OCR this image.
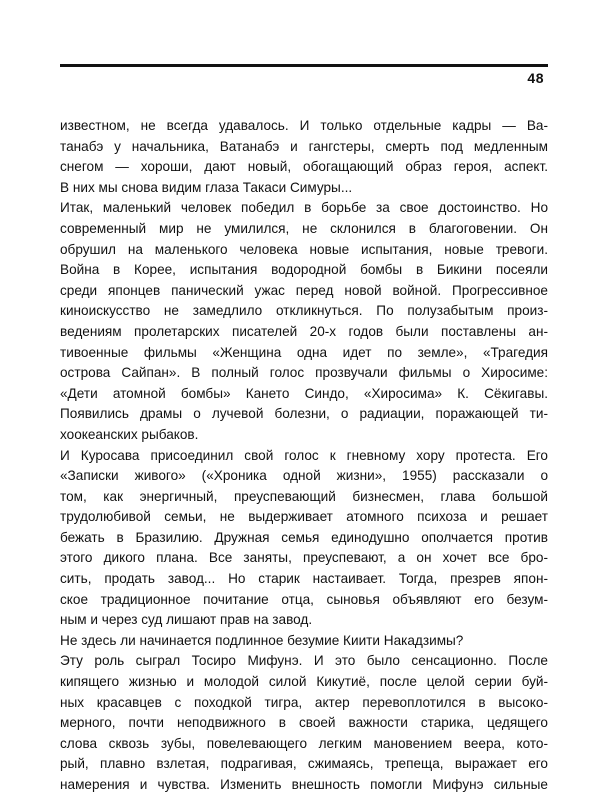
48
известном, не всегда удавалось. И только отдельные кадры — Ва-
танабэ у начальника, Ватанабэ и гангстеры, смерть под медленным
снегом — хороши, дают новый, обогащающий образ героя, аспект.
В них мы снова видим глаза Такаси Симуры...
Итак, маленький человек победил в борьбе за свое достоинство. Но
современный мир не умилился, не склонился в благоговении. Он
обрушил на маленького человека новые испытания, новые тревоги.
Война в Корее, испытания водородной бомбы в Бикини посеяли
среди японцев панический ужас перед новой войной. Прогрессивное
киноискусство не замедлило откликнуться. По полузабытым произ-
ведениям пролетарских писателей 20-х годов были поставлены ан-
тивоенные фильмы «Женщина одна идет по земле», «Трагедия
острова Сайпан». В полный голос прозвучали фильмы о Хиросиме:
«Дети атомной бомбы» Кането Синдо, «Хиросима» К. Сёкигавы.
Появились драмы о лучевой болезни, о радиации, поражающей ти-
хоокеанских рыбаков.
И Куросава присоединил свой голос к гневному хору протеста. Его
«Записки живого» («Хроника одной жизни», 1955) рассказали о
том, как энергичный, преуспевающий бизнесмен, глава большой
трудолюбивой семьи, не выдерживает атомного психоза и решает
бежать в Бразилию. Дружная семья единодушно ополчается против
этого дикого плана. Все заняты, преуспевают, а он хочет все бро-
сить, продать завод... Но старик настаивает. Тогда, презрев япон-
ское традиционное почитание отца, сыновья объявляют его безум-
ным и через суд лишают прав на завод.
Не здесь ли начинается подлинное безумие Киити Накадзимы?
Эту роль сыграл Тосиро Мифунэ. И это было сенсационно. После
кипящего жизнью и молодой силой Кикутиё, после целой серии буй-
ных красавцев с походкой тигра, актер перевоплотился в высоко-
мерного, почти неподвижного в своей важности старика, цедящего
слова сквозь зубы, повелевающего легким мановением веера, кото-
рый, плавно взлетая, подрагивая, сжимаясь, трепеща, выражает его
намерения и чувства. Изменить внешность помогли Мифунэ сильные
